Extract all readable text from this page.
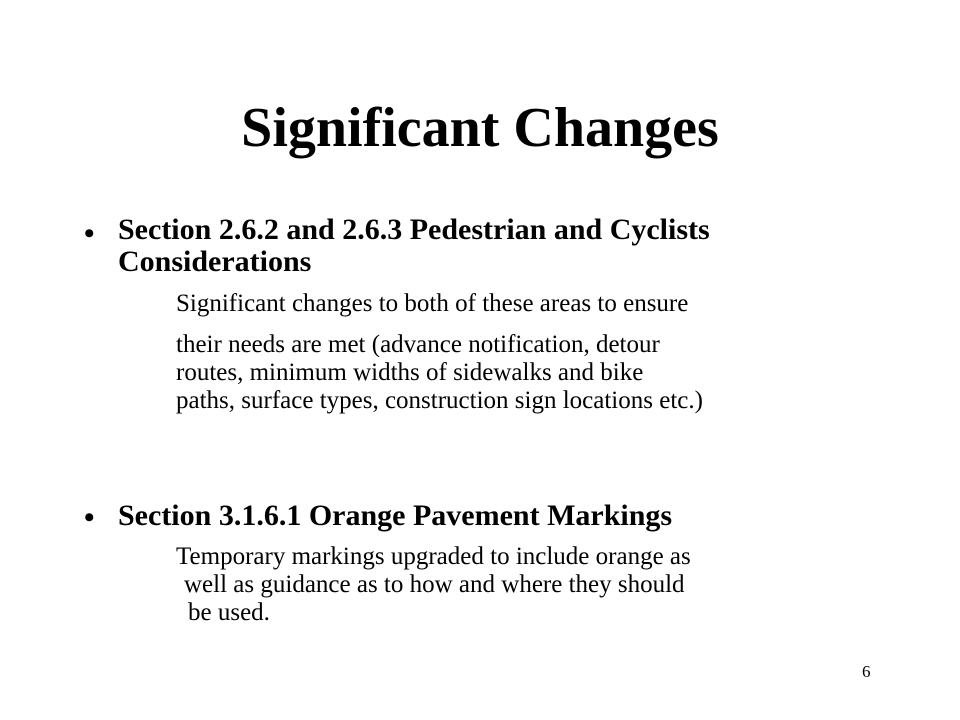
Significant Changes
• Section 2.6.2 and 2.6.3 Pedestrian and Cyclists
Considerations

Significant changes to both of these areas to ensure

their needs are met (advance notification, detour

routes, minimum widths of sidewalks and bike

paths, surface types, construction sign locations etc.)

• Section 3.1.6.1 Orange Pavement Markings

Temporary markings upgraded to include orange as

well as guidance as to how and where they should

be used.

6
